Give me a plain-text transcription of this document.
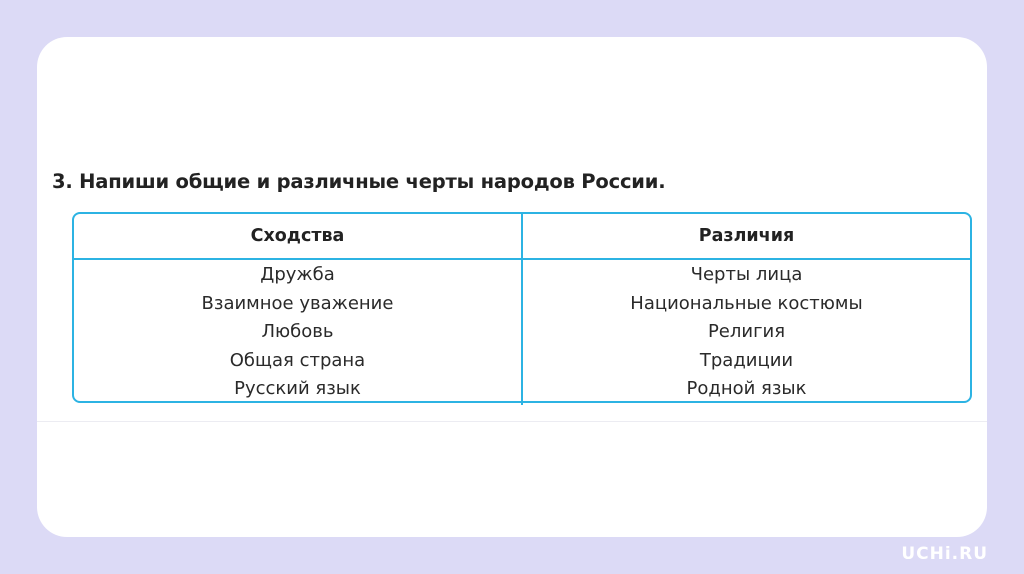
3. Напиши общие и различные черты народов России.
Сходства
Дружба
Взаимное уважение
Любовь
Общая страна
Русский язык
Различия
Черты лица
Национальные костюмы
Религия
Традиции
Родной язык
UCHi.RU
